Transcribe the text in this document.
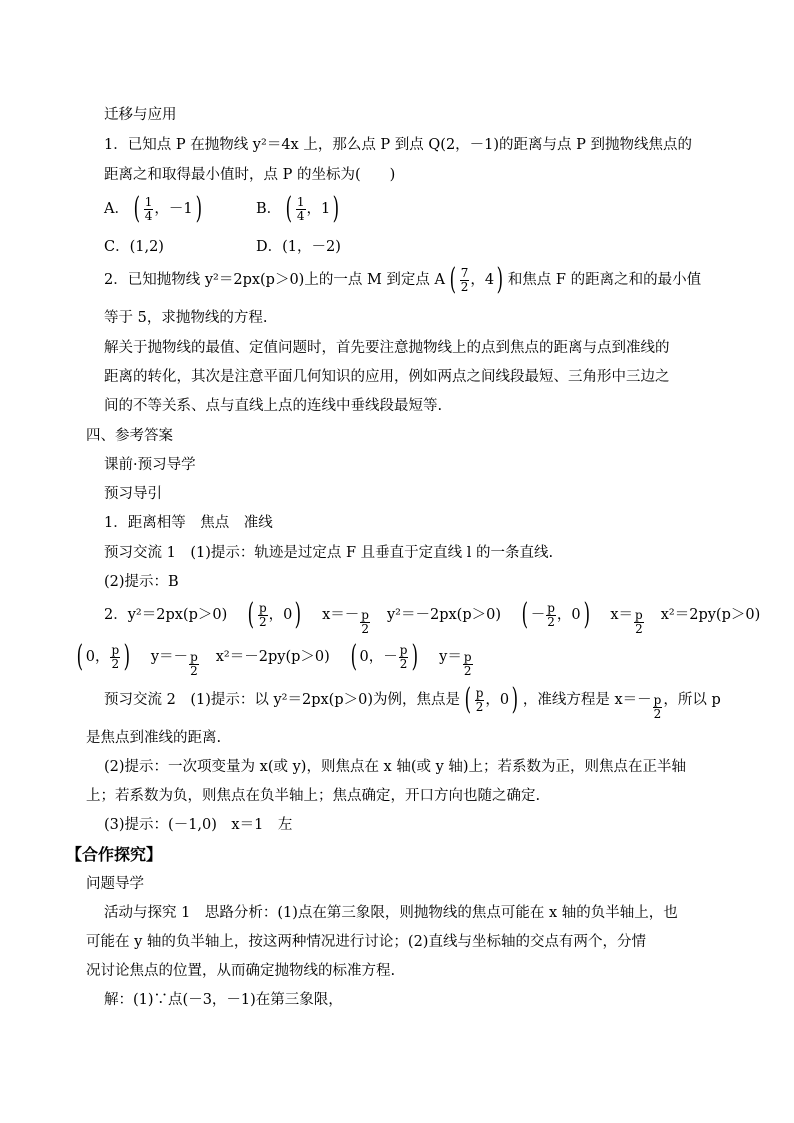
迁移与应用
1．已知点 P 在抛物线 y²＝4x 上，那么点 P 到点 Q(2，－1)的距离与点 P 到抛物线焦点的
距离之和取得最小值时，点 P 的坐标为(　　)
A． ( $\frac{1}{4}$ ，－1 )	B． ( $\frac{1}{4}$ ，1 )
C．(1,2)	D．(1，－2)
2．已知抛物线 y²＝2px(p＞0)上的一点 M 到定点 A ( $\frac{7}{2}$ ，4 ) 和焦点 F 的距离之和的最小值
等于 5，求抛物线的方程.
解关于抛物线的最值、定值问题时，首先要注意抛物线上的点到焦点的距离与点到准线的
距离的转化，其次是注意平面几何知识的应用，例如两点之间线段最短、三角形中三边之
间的不等关系、点与直线上点的连线中垂线段最短等.
四、参考答案
课前·预习导学
预习导引
1．距离相等　焦点　准线
预习交流 1　(1)提示：轨迹是过定点 F 且垂直于定直线 l 的一条直线.
(2)提示：B
2．y²＝2px(p＞0) ( $\frac{p}{2}$ ，0 ) $x=- \frac{p}{2} y^2=-2px(p>0)$ ( － $\frac{p}{2}$ ，0 ) $x= \frac{p}{2} x^2=2py(p>0)$
( 0， $\frac{p}{2}$ ) $y=- \frac{p}{2} x^2=-2py(p>0)$ ( 0，－ $\frac{p}{2}$ ) $y= \frac{p}{2}$
预习交流 2　(1)提示：以 y²＝2px(p＞0)为例，焦点是 ( $\frac{p}{2}$ ，0 ) ，准线方程是 $x=- \frac{p}{2}$ ，所以 p
是焦点到准线的距离.
(2)提示：一次项变量为 x(或 y)，则焦点在 x 轴(或 y 轴)上；若系数为正，则焦点在正半轴
上；若系数为负，则焦点在负半轴上；焦点确定，开口方向也随之确定.
(3)提示：(－1,0)　x＝1　左
【合作探究】
问题导学
活动与探究 1　思路分析：(1)点在第三象限，则抛物线的焦点可能在 x 轴的负半轴上，也
可能在 y 轴的负半轴上，按这两种情况进行讨论；(2)直线与坐标轴的交点有两个，分情
况讨论焦点的位置，从而确定抛物线的标准方程.
解：(1)∵点(－3，－1)在第三象限，
